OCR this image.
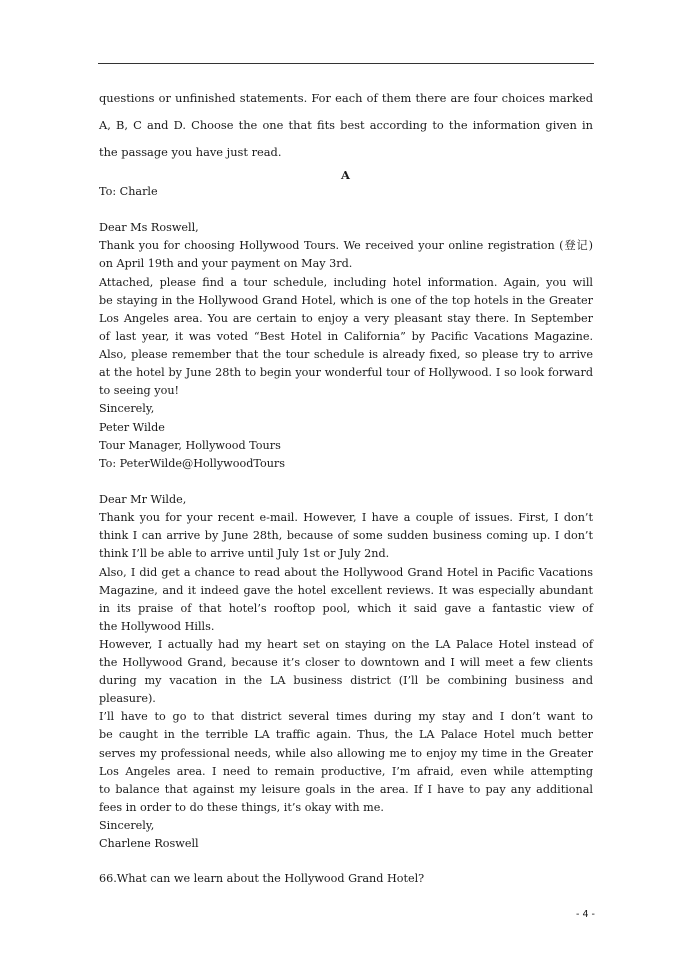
questions or unfinished statements. For each of them there are four choices marked
A, B, C and D. Choose the one that fits best according to the information given in
the passage you have just read.
A
To: Charle
Dear Ms Roswell,
Thank you for choosing Hollywood Tours. We received your online registration (登记)
on April 19th and your payment on May 3rd.
Attached, please find a tour schedule, including hotel information. Again, you will
be staying in the Hollywood Grand Hotel, which is one of the top hotels in the Greater
Los Angeles area. You are certain to enjoy a very pleasant stay there. In September
of last year, it was voted “Best Hotel in California” by Pacific Vacations Magazine.
Also, please remember that the tour schedule is already fixed, so please try to arrive
at the hotel by June 28th to begin your wonderful tour of Hollywood. I so look forward
to seeing you!
Sincerely,
Peter Wilde
Tour Manager, Hollywood Tours
To: PeterWilde@HollywoodTours
Dear Mr Wilde,
Thank you for your recent e-mail. However, I have a couple of issues. First, I don’t
think I can arrive by June 28th, because of some sudden business coming up. I don’t
think I’ll be able to arrive until July 1st or July 2nd.
Also, I did get a chance to read about the Hollywood Grand Hotel in Pacific Vacations
Magazine, and it indeed gave the hotel excellent reviews. It was especially abundant
in its praise of that hotel’s rooftop pool, which it said gave a fantastic view of
the Hollywood Hills.
However, I actually had my heart set on staying on the LA Palace Hotel instead of
the Hollywood Grand, because it’s closer to downtown and I will meet a few clients
during my vacation in the LA business district (I’ll be combining business and
pleasure).
I’ll have to go to that district several times during my stay and I don’t want to
be caught in the terrible LA traffic again. Thus, the LA Palace Hotel much better
serves my professional needs, while also allowing me to enjoy my time in the Greater
Los Angeles area. I need to remain productive, I’m afraid, even while attempting
to balance that against my leisure goals in the area. If I have to pay any additional
fees in order to do these things, it’s okay with me.
Sincerely,
Charlene Roswell
66.What can we learn about the Hollywood Grand Hotel?
- 4 -
